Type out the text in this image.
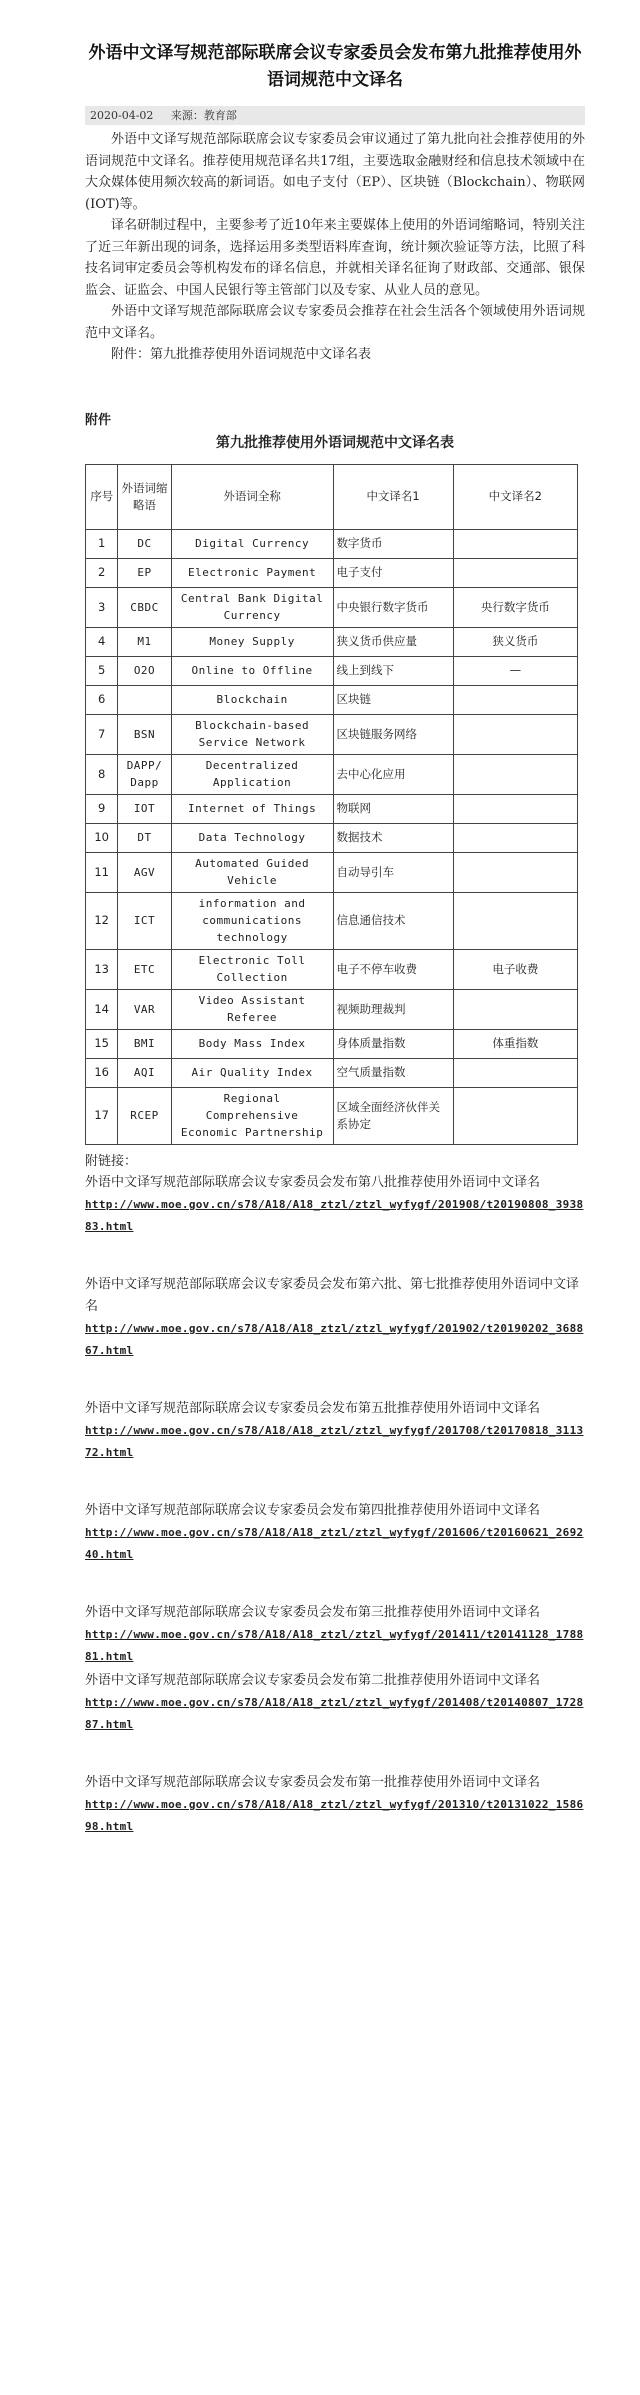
外语中文译写规范部际联席会议专家委员会发布第九批推荐使用外语词规范中文译名
2020-04-02 来源：教育部

外语中文译写规范部际联席会议专家委员会审议通过了第九批向社会推荐使用的外语词规范中文译名。推荐使用规范译名共17组，主要选取金融财经和信息技术领域中在大众媒体使用频次较高的新词语。如电子支付（EP）、区块链（Blockchain）、物联网(IOT)等。

译名研制过程中，主要参考了近10年来主要媒体上使用的外语词缩略词，特别关注了近三年新出现的词条，选择运用多类型语料库查询，统计频次验证等方法，比照了科技名词审定委员会等机构发布的译名信息，并就相关译名征询了财政部、交通部、银保监会、证监会、中国人民银行等主管部门以及专家、从业人员的意见。

外语中文译写规范部际联席会议专家委员会推荐在社会生活各个领域使用外语词规范中文译名。

附件：第九批推荐使用外语词规范中文译名表

附件
第九批推荐使用外语词规范中文译名表
序号	外语词缩略语	外语词全称	中文译名1	中文译名2
1	DC	Digital Currency	数字货币	
2	EP	Electronic Payment	电子支付	
3	CBDC	Central Bank Digital Currency	中央银行数字货币	央行数字货币
4	M1	Money Supply	狭义货币供应量	狭义货币
5	O2O	Online to Offline	线上到线下	—
6		Blockchain	区块链	
7	BSN	Blockchain-based Service Network	区块链服务网络	
8	DAPP/ Dapp	Decentralized Application	去中心化应用	
9	IOT	Internet of Things	物联网	
10	DT	Data Technology	数据技术	
11	AGV	Automated Guided Vehicle	自动导引车	
12	ICT	information and communications technology	信息通信技术	
13	ETC	Electronic Toll Collection	电子不停车收费	电子收费
14	VAR	Video Assistant Referee	视频助理裁判	
15	BMI	Body Mass Index	身体质量指数	体重指数
16	AQI	Air Quality Index	空气质量指数	
17	RCEP	Regional Comprehensive Economic Partnership	区域全面经济伙伴关系协定	
附链接：
外语中文译写规范部际联席会议专家委员会发布第八批推荐使用外语词中文译名
http://www.moe.gov.cn/s78/A18/A18_ztzl/ztzl_wyfygf/201908/t20190808_393883.html
外语中文译写规范部际联席会议专家委员会发布第六批、第七批推荐使用外语词中文译名
http://www.moe.gov.cn/s78/A18/A18_ztzl/ztzl_wyfygf/201902/t20190202_368867.html
外语中文译写规范部际联席会议专家委员会发布第五批推荐使用外语词中文译名
http://www.moe.gov.cn/s78/A18/A18_ztzl/ztzl_wyfygf/201708/t20170818_311372.html
外语中文译写规范部际联席会议专家委员会发布第四批推荐使用外语词中文译名
http://www.moe.gov.cn/s78/A18/A18_ztzl/ztzl_wyfygf/201606/t20160621_269240.html
外语中文译写规范部际联席会议专家委员会发布第三批推荐使用外语词中文译名
http://www.moe.gov.cn/s78/A18/A18_ztzl/ztzl_wyfygf/201411/t20141128_178881.html
外语中文译写规范部际联席会议专家委员会发布第二批推荐使用外语词中文译名
http://www.moe.gov.cn/s78/A18/A18_ztzl/ztzl_wyfygf/201408/t20140807_172887.html
外语中文译写规范部际联席会议专家委员会发布第一批推荐使用外语词中文译名
http://www.moe.gov.cn/s78/A18/A18_ztzl/ztzl_wyfygf/201310/t20131022_158698.html
